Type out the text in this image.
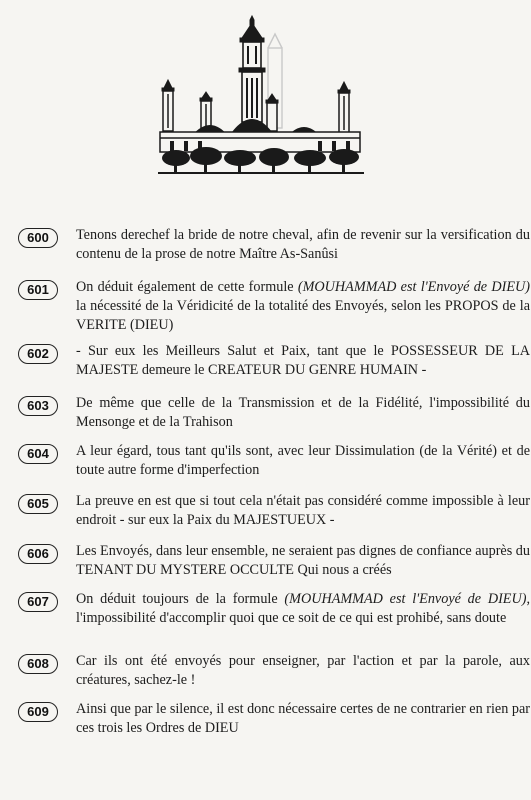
600	Tenons derechef la bride de notre cheval, afin de revenir sur la versification du contenu de la prose de notre Maître As-Sanûsi
601	On déduit également de cette formule (MOUHAMMAD est l'Envoyé de DIEU) la nécessité de la Véridicité de la totalité des Envoyés, selon les PROPOS de la VERITE (DIEU)
602	- Sur eux les Meilleurs Salut et Paix, tant que le POSSESSEUR DE LA MAJESTE demeure le CREATEUR DU GENRE HUMAIN -
603	De même que celle de la Transmission et de la Fidélité, l'impossibilité du Mensonge et de la Trahison
604	A leur égard, tous tant qu'ils sont, avec leur Dissimulation (de la Vérité) et de toute autre forme d'imperfection
605	La preuve en est que si tout cela n'était pas considéré comme impossible à leur endroit - sur eux la Paix du MAJESTUEUX -
606	Les Envoyés, dans leur ensemble, ne seraient pas dignes de confiance auprès du TENANT DU MYSTERE OCCULTE Qui nous a créés
607	On déduit toujours de la formule (MOUHAMMAD est l'Envoyé de DIEU), l'impossibilité d'accomplir quoi que ce soit de ce qui est prohibé, sans doute
608	Car ils ont été envoyés pour enseigner, par l'action et par la parole, aux créatures, sachez-le !
609	Ainsi que par le silence, il est donc nécessaire certes de ne contrarier en rien par ces trois les Ordres de DIEU
